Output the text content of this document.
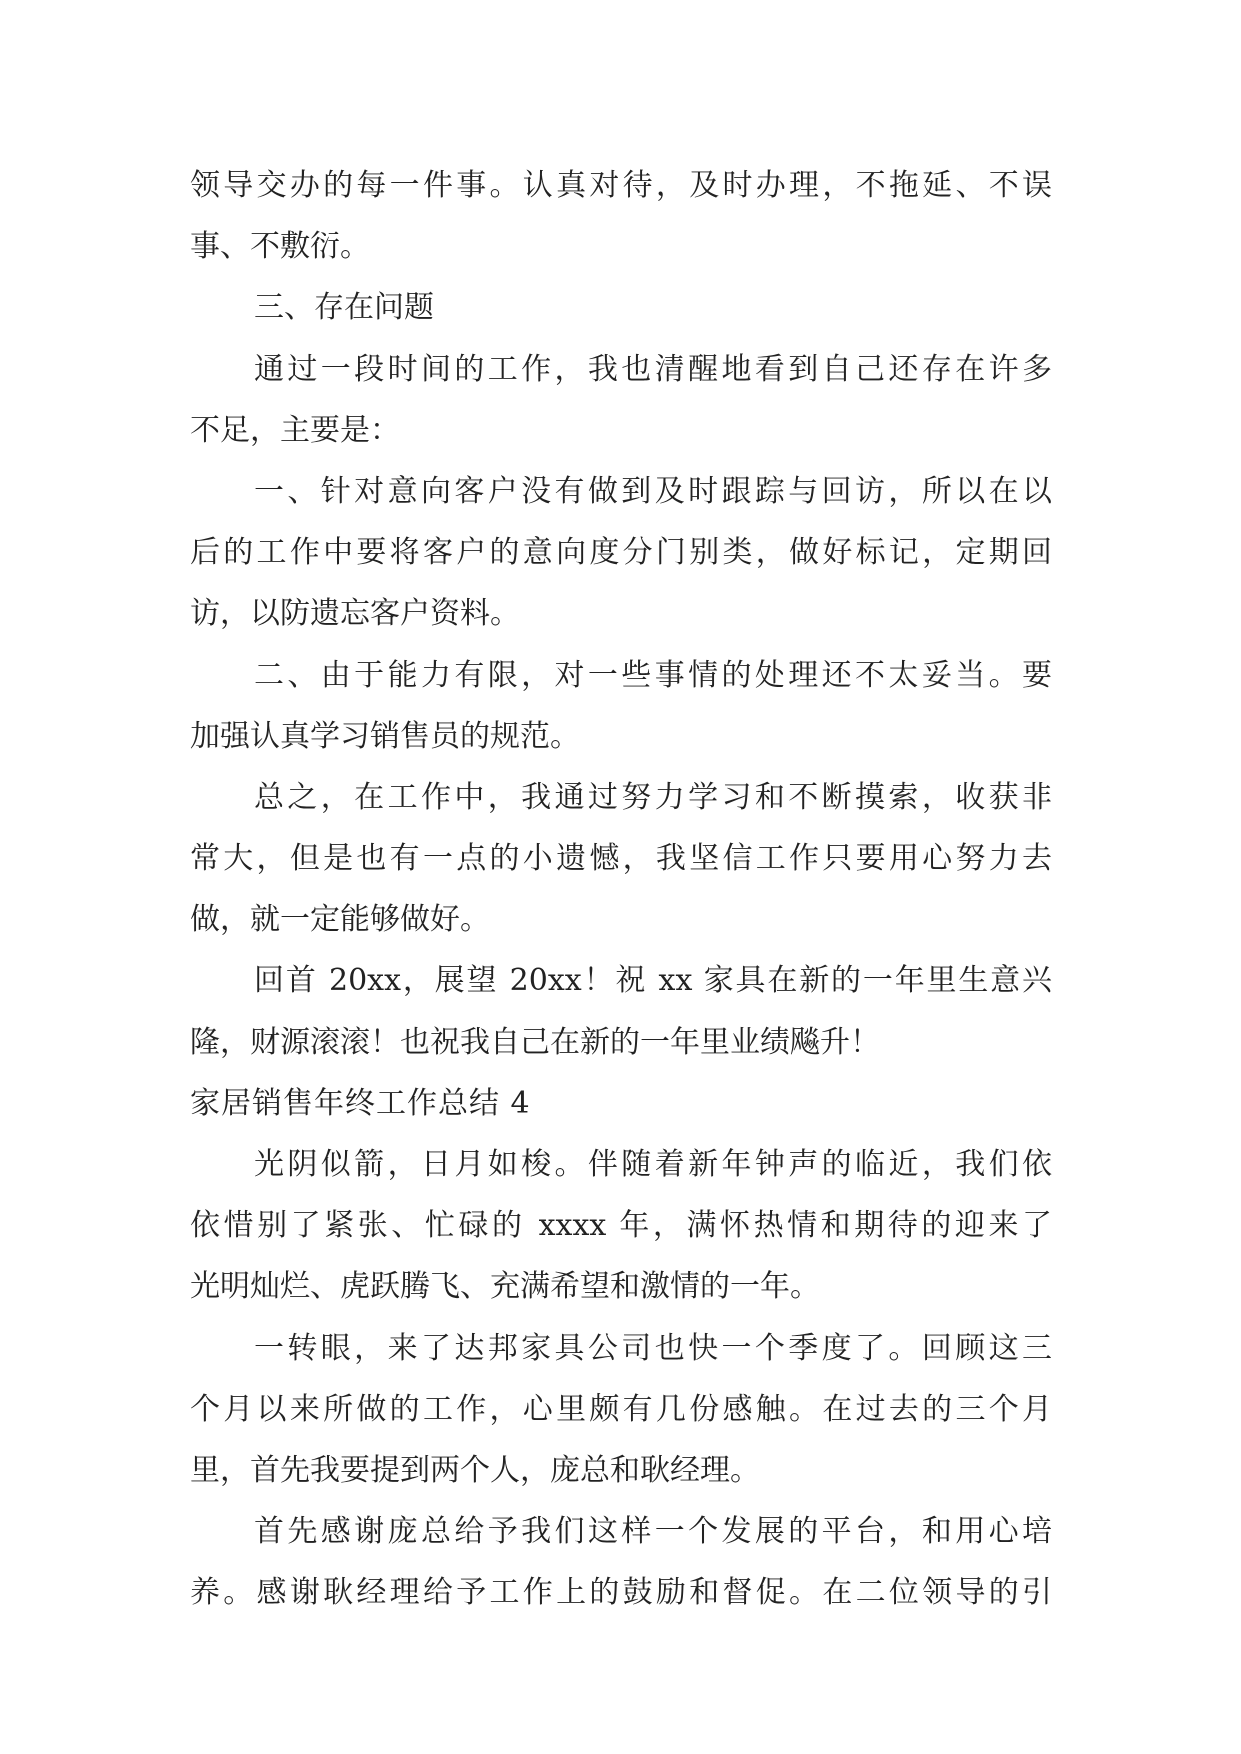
领导交办的每一件事。认真对待，及时办理，不拖延、不误
事、不敷衍。
三、存在问题
通过一段时间的工作，我也清醒地看到自己还存在许多
不足，主要是：
一、针对意向客户没有做到及时跟踪与回访，所以在以
后的工作中要将客户的意向度分门别类，做好标记，定期回
访，以防遗忘客户资料。
二、由于能力有限，对一些事情的处理还不太妥当。要
加强认真学习销售员的规范。
总之，在工作中，我通过努力学习和不断摸索，收获非
常大，但是也有一点的小遗憾，我坚信工作只要用心努力去
做，就一定能够做好。
回首 20xx，展望 20xx！祝 xx 家具在新的一年里生意兴
隆，财源滚滚！也祝我自己在新的一年里业绩飚升！
家居销售年终工作总结 4
光阴似箭，日月如梭。伴随着新年钟声的临近，我们依
依惜别了紧张、忙碌的 xxxx 年，满怀热情和期待的迎来了
光明灿烂、虎跃腾飞、充满希望和激情的一年。
一转眼，来了达邦家具公司也快一个季度了。回顾这三
个月以来所做的工作，心里颇有几份感触。在过去的三个月
里，首先我要提到两个人，庞总和耿经理。
首先感谢庞总给予我们这样一个发展的平台，和用心培
养。感谢耿经理给予工作上的鼓励和督促。在二位领导的引
